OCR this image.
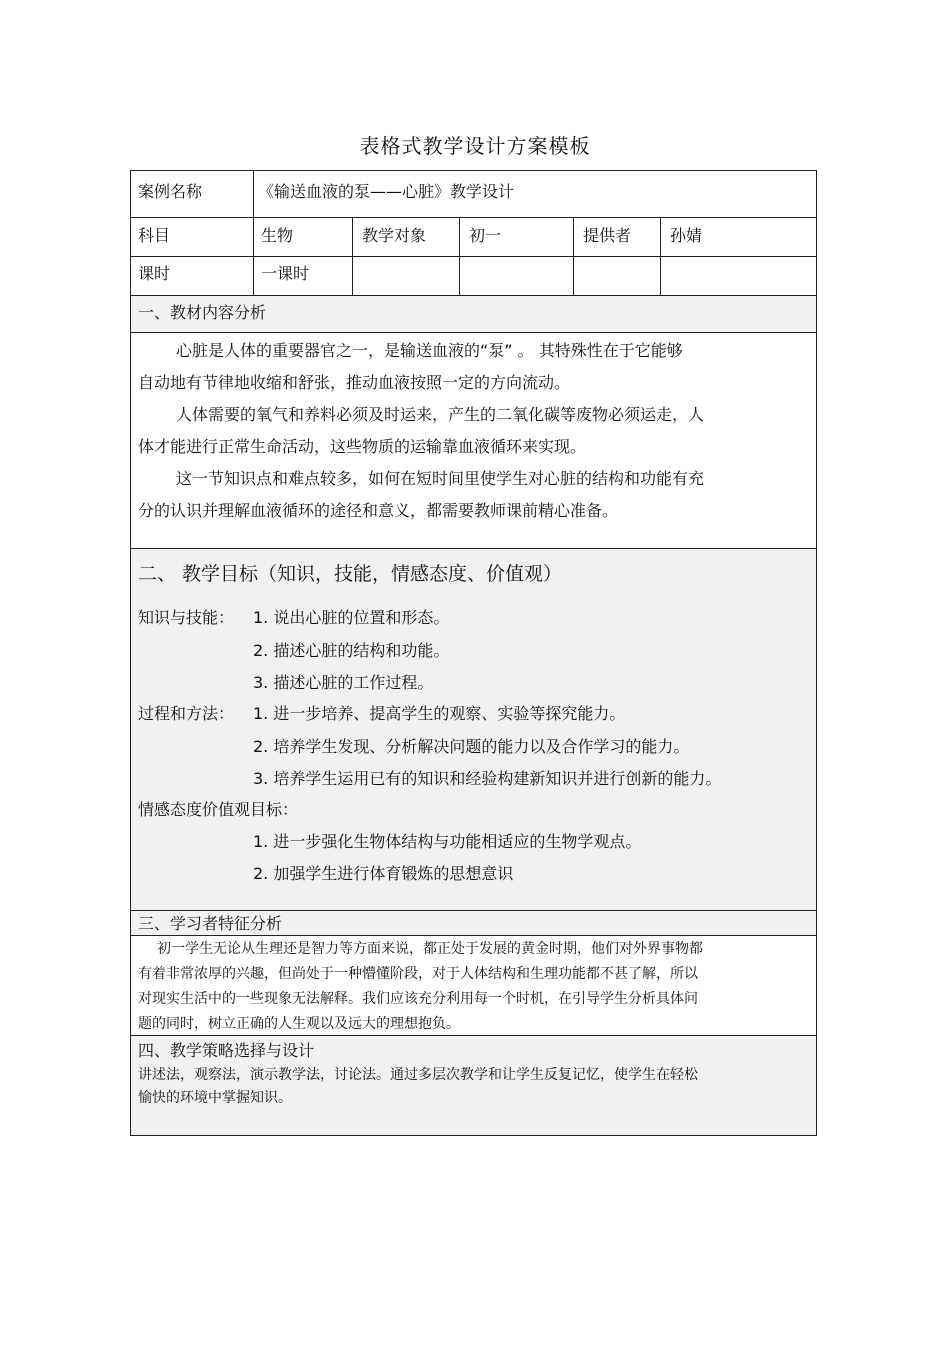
表格式教学设计方案模板
案例名称	《输送血液的泵——心脏》教学设计
科目	生物	教学对象	初一	提供者 孙婧
课时	一课时
一、教材内容分析
心脏是人体的重要器官之一，是输送血液的“泵” 。 其特殊性在于它能够
自动地有节律地收缩和舒张，推动血液按照一定的方向流动。
人体需要的氧气和养料必须及时运来，产生的二氧化碳等废物必须运走，人
体才能进行正常生命活动，这些物质的运输靠血液循环来实现。
这一节知识点和难点较多，如何在短时间里使学生对心脏的结构和功能有充
分的认识并理解血液循环的途径和意义，都需要教师课前精心准备。
二、 教学目标（知识，技能，情感态度、价值观）
知识与技能： 1. 说出心脏的位置和形态。
2. 描述心脏的结构和功能。
3. 描述心脏的工作过程。
过程和方法： 1. 进一步培养、提高学生的观察、实验等探究能力。
2. 培养学生发现、分析解决问题的能力以及合作学习的能力。
3. 培养学生运用已有的知识和经验构建新知识并进行创新的能力。
情感态度价值观目标：
1. 进一步强化生物体结构与功能相适应的生物学观点。
2. 加强学生进行体育锻炼的思想意识
三、学习者特征分析
初一学生无论从生理还是智力等方面来说，都正处于发展的黄金时期，他们对外界事物都
有着非常浓厚的兴趣，但尚处于一种懵懂阶段，对于人体结构和生理功能都不甚了解，所以
对现实生活中的一些现象无法解释。我们应该充分利用每一个时机，在引导学生分析具体问
题的同时，树立正确的人生观以及远大的理想抱负。
四、教学策略选择与设计
讲述法，观察法，演示教学法，讨论法。通过多层次教学和让学生反复记忆，使学生在轻松
愉快的环境中掌握知识。
